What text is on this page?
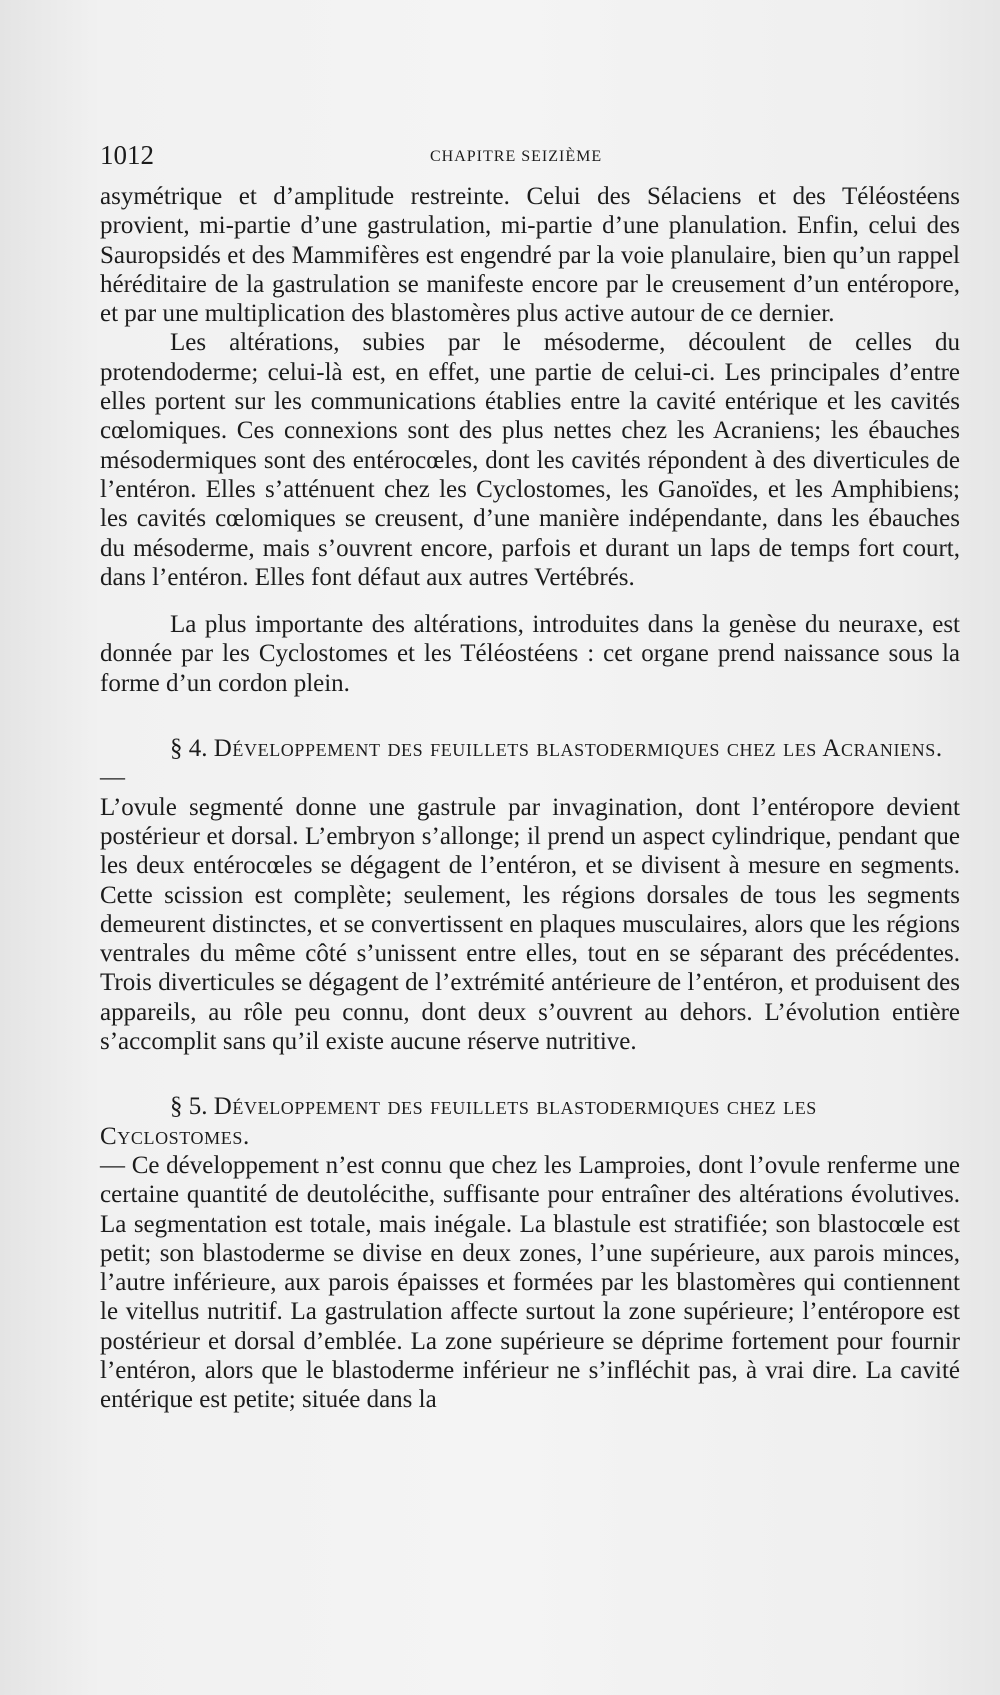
1012	CHAPITRE SEIZIÈME

asymétrique et d’amplitude restreinte. Celui des Sélaciens et des Téléostéens provient, mi-partie d’une gastrulation, mi-partie d’une planulation. Enfin, celui des Sauropsidés et des Mammifères est engendré par la voie planulaire, bien qu’un rappel héréditaire de la gastrulation se manifeste encore par le creusement d’un entéropore, et par une multiplication des blastomères plus active autour de ce dernier.

Les altérations, subies par le mésoderme, découlent de celles du protendoderme; celui-là est, en effet, une partie de celui-ci. Les principales d’entre elles portent sur les communications établies entre la cavité entérique et les cavités cœlomiques. Ces connexions sont des plus nettes chez les Acraniens; les ébauches mésodermiques sont des entérocœles, dont les cavités répondent à des diverticules de l’entéron. Elles s’atténuent chez les Cyclostomes, les Ganoïdes, et les Amphibiens; les cavités cœlomiques se creusent, d’une manière indépendante, dans les ébauches du mésoderme, mais s’ouvrent encore, parfois et durant un laps de temps fort court, dans l’entéron. Elles font défaut aux autres Vertébrés.

La plus importante des altérations, introduites dans la genèse du neuraxe, est donnée par les Cyclostomes et les Téléostéens : cet organe prend naissance sous la forme d’un cordon plein.

§ 4. Développement des feuillets blastodermiques chez les Acraniens. —

L’ovule segmenté donne une gastrule par invagination, dont l’entéropore devient postérieur et dorsal. L’embryon s’allonge; il prend un aspect cylindrique, pendant que les deux entérocœles se dégagent de l’entéron, et se divisent à mesure en segments. Cette scission est complète; seulement, les régions dorsales de tous les segments demeurent distinctes, et se convertissent en plaques musculaires, alors que les régions ventrales du même côté s’unissent entre elles, tout en se séparant des précédentes. Trois diverticules se dégagent de l’extrémité antérieure de l’entéron, et produisent des appareils, au rôle peu connu, dont deux s’ouvrent au dehors. L’évolution entière s’accomplit sans qu’il existe aucune réserve nutritive.

§ 5. Développement des feuillets blastodermiques chez les Cyclostomes.

— Ce développement n’est connu que chez les Lamproies, dont l’ovule renferme une certaine quantité de deutolécithe, suffisante pour entraîner des altérations évolutives. La segmentation est totale, mais inégale. La blastule est stratifiée; son blastocœle est petit; son blastoderme se divise en deux zones, l’une supérieure, aux parois minces, l’autre inférieure, aux parois épaisses et formées par les blastomères qui contiennent le vitellus nutritif. La gastrulation affecte surtout la zone supérieure; l’entéropore est postérieur et dorsal d’emblée. La zone supérieure se déprime fortement pour fournir l’entéron, alors que le blastoderme inférieur ne s’infléchit pas, à vrai dire. La cavité entérique est petite; située dans la
